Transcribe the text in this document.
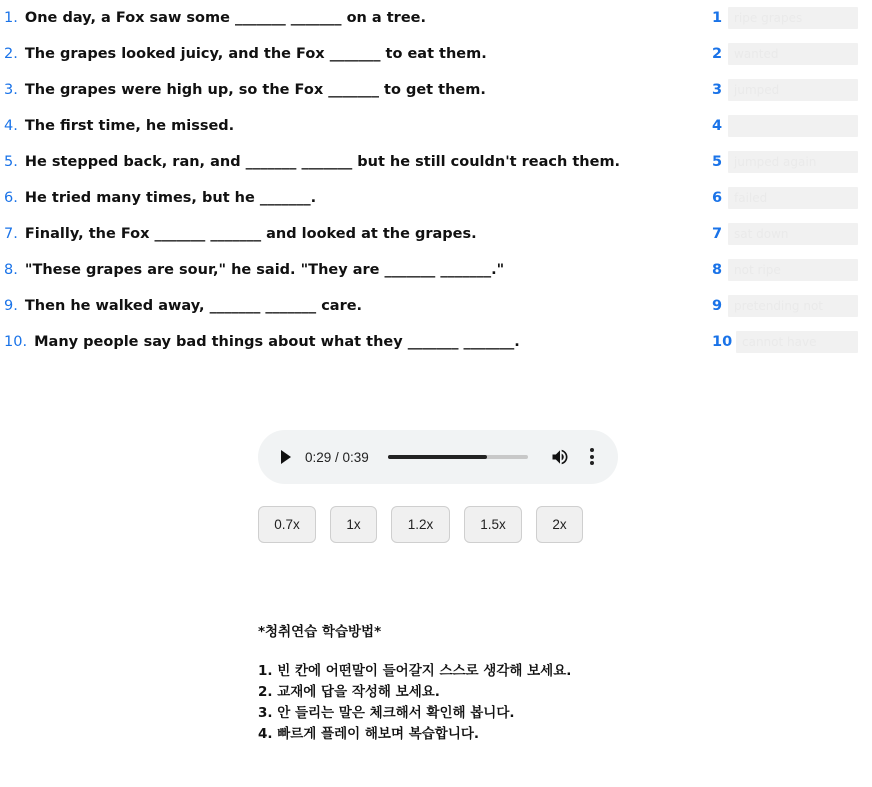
1.
One day, a Fox saw some _______ _______ on a tree.
2.
The grapes looked juicy, and the Fox _______ to eat them.
3.
The grapes were high up, so the Fox _______ to get them.
4.
The first time, he missed.
5.
He stepped back, ran, and _______ _______ but he still couldn't reach them.
6.
He tried many times, but he _______.
7.
Finally, the Fox _______ _______ and looked at the grapes.
8.
"These grapes are sour," he said. "They are _______ _______."
9.
Then he walked away, _______ _______ care.
10.
Many people say bad things about what they _______ _______.
1 ripe grapes
2 wanted
3 jumped
4
5 jumped again
6 failed
7 sat down
8 not ripe
9 pretending not
10 cannot have
0:29 / 0:39
0.7x	1x	1.2x	1.5x	2x
*청취연습 학습방법*
1. 빈 칸에 어떤말이 들어갈지 스스로 생각해 보세요.
2. 교재에 답을 작성해 보세요.
3. 안 들리는 말은 체크해서 확인해 봅니다.
4. 빠르게 플레이 해보며 복습합니다.
